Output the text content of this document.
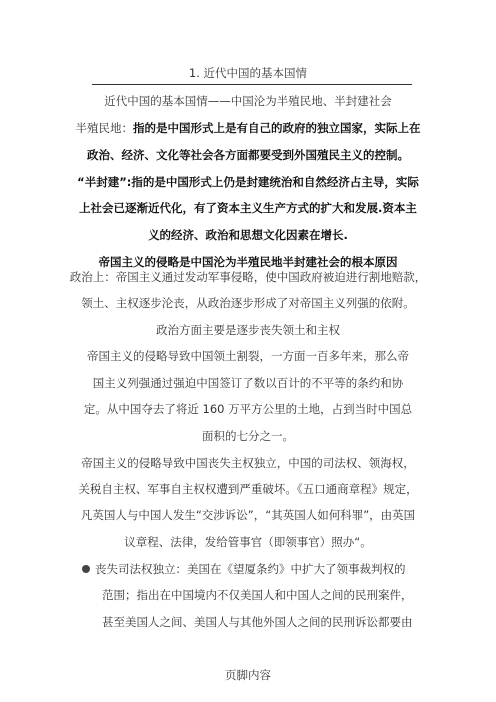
1. 近代中国的基本国情
近代中国的基本国情——中国沦为半殖民地、半封建社会
半殖民地：指的是中国形式上是有自己的政府的独立国家，实际上在
政治、经济、文化等社会各方面都要受到外国殖民主义的控制。
“半封建”:指的是中国形式上仍是封建统治和自然经济占主导，实际
上社会已逐渐近代化，有了资本主义生产方式的扩大和发展.资本主
义的经济、政治和思想文化因素在增长.
帝国主义的侵略是中国沦为半殖民地半封建社会的根本原因
政治上：帝国主义通过发动军事侵略，使中国政府被迫进行割地赔款，
领土、主权逐步沦丧，从政治逐步形成了对帝国主义列强的依附。
政治方面主要是逐步丧失领土和主权
帝国主义的侵略导致中国领土割裂，一方面一百多年来，那么帝
国主义列强通过强迫中国签订了数以百计的不平等的条约和协
定。从中国夺去了将近 160 万平方公里的土地，占到当时中国总
面积的七分之一。
帝国主义的侵略导致中国丧失主权独立，中国的司法权、领海权，
关税自主权、军事自主权权遭到严重破坏。《五口通商章程》规定，
凡英国人与中国人发生“交涉诉讼”，“其英国人如何科罪”，由英国
议章程、法律，发给管事官（即领事官）照办“。
丧失司法权独立：美国在《望厦条约》中扩大了领事裁判权的
范围；指出在中国境内不仅美国人和中国人之间的民刑案件，
甚至美国人之间、美国人与其他外国人之间的民刑诉讼都要由
页脚内容
